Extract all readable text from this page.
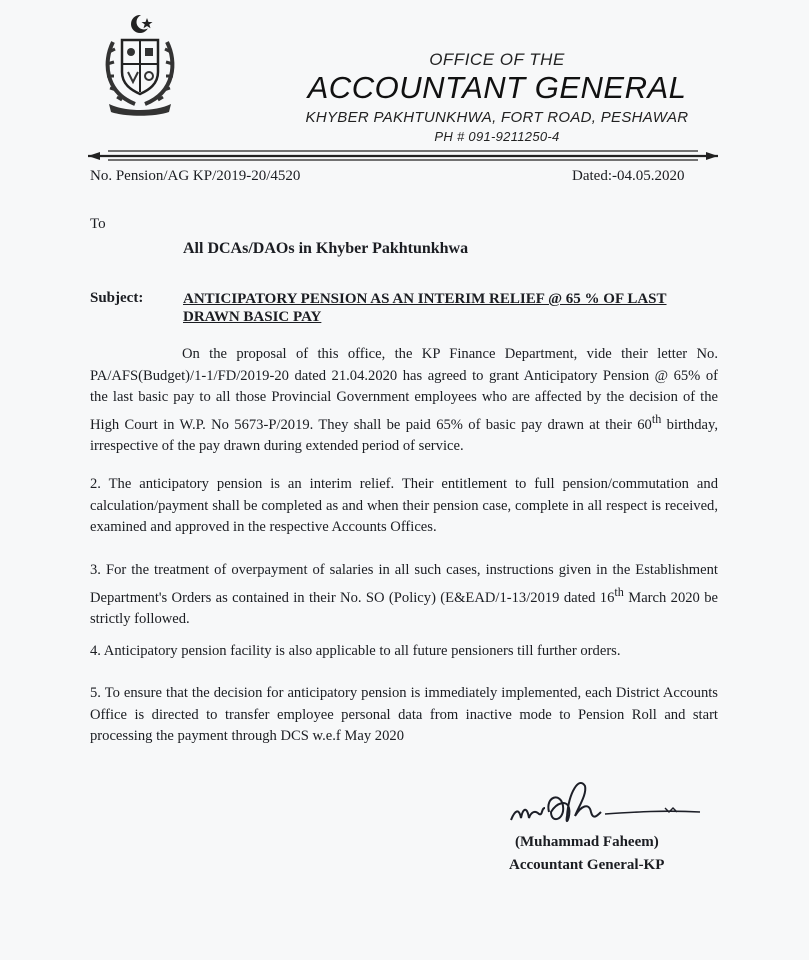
OFFICE OF THE
ACCOUNTANT GENERAL
KHYBER PAKHTUNKHWA, FORT ROAD, PESHAWAR
PH # 091-9211250-4
No. Pension/AG KP/2019-20/4520	Dated:-04.05.2020
To
All DCAs/DAOs in Khyber Pakhtunkhwa
Subject:	ANTICIPATORY PENSION AS AN INTERIM RELIEF @ 65 % OF LAST DRAWN BASIC PAY
On the proposal of this office, the KP Finance Department, vide their letter No. PA/AFS(Budget)/1-1/FD/2019-20 dated 21.04.2020 has agreed to grant Anticipatory Pension @ 65% of the last basic pay to all those Provincial Government employees who are affected by the decision of the High Court in W.P. No 5673-P/2019. They shall be paid 65% of basic pay drawn at their 60th birthday, irrespective of the pay drawn during extended period of service.
2. The anticipatory pension is an interim relief. Their entitlement to full pension/commutation and calculation/payment shall be completed as and when their pension case, complete in all respect is received, examined and approved in the respective Accounts Offices.
3. For the treatment of overpayment of salaries in all such cases, instructions given in the Establishment Department's Orders as contained in their No. SO (Policy) (E&EAD/1-13/2019 dated 16th March 2020 be strictly followed.
4. Anticipatory pension facility is also applicable to all future pensioners till further orders.
5. To ensure that the decision for anticipatory pension is immediately implemented, each District Accounts Office is directed to transfer employee personal data from inactive mode to Pension Roll and start processing the payment through DCS w.e.f May 2020
(Muhammad Faheem)
Accountant General-KP
